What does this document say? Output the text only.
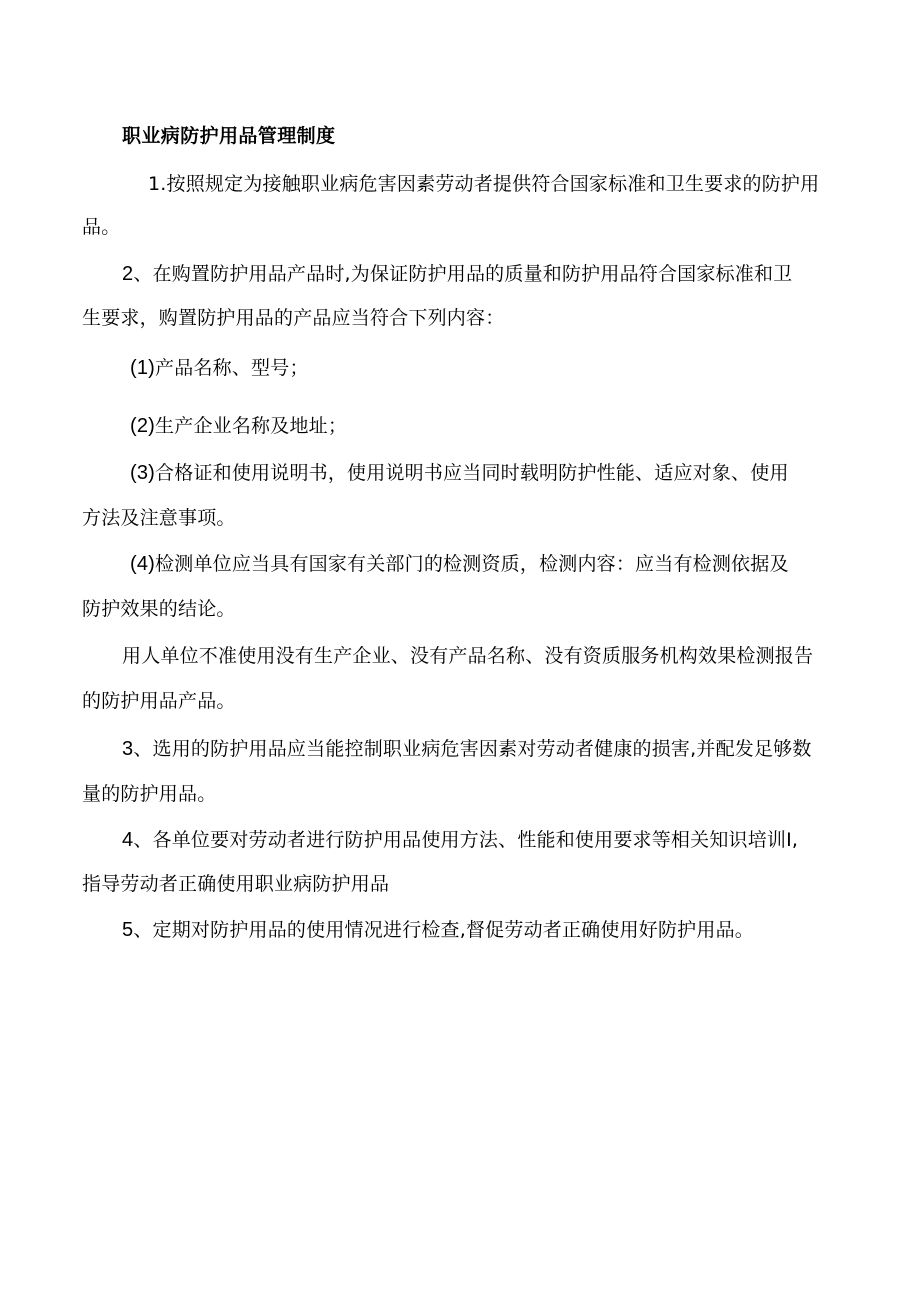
职业病防护用品管理制度
1.按照规定为接触职业病危害因素劳动者提供符合国家标准和卫生要求的防护用
品。
2、在购置防护用品产品时,为保证防护用品的质量和防护用品符合国家标准和卫
生要求，购置防护用品的产品应当符合下列内容：
(1)产品名称、型号；
(2)生产企业名称及地址；
(3)合格证和使用说明书，使用说明书应当同时载明防护性能、适应对象、使用
方法及注意事项。
(4)检测单位应当具有国家有关部门的检测资质，检测内容：应当有检测依据及
防护效果的结论。
用人单位不准使用没有生产企业、没有产品名称、没有资质服务机构效果检测报告
的防护用品产品。
3、选用的防护用品应当能控制职业病危害因素对劳动者健康的损害,并配发足够数
量的防护用品。
4、各单位要对劳动者进行防护用品使用方法、性能和使用要求等相关知识培训Ⅰ,
指导劳动者正确使用职业病防护用品
5、定期对防护用品的使用情况进行检查,督促劳动者正确使用好防护用品。
